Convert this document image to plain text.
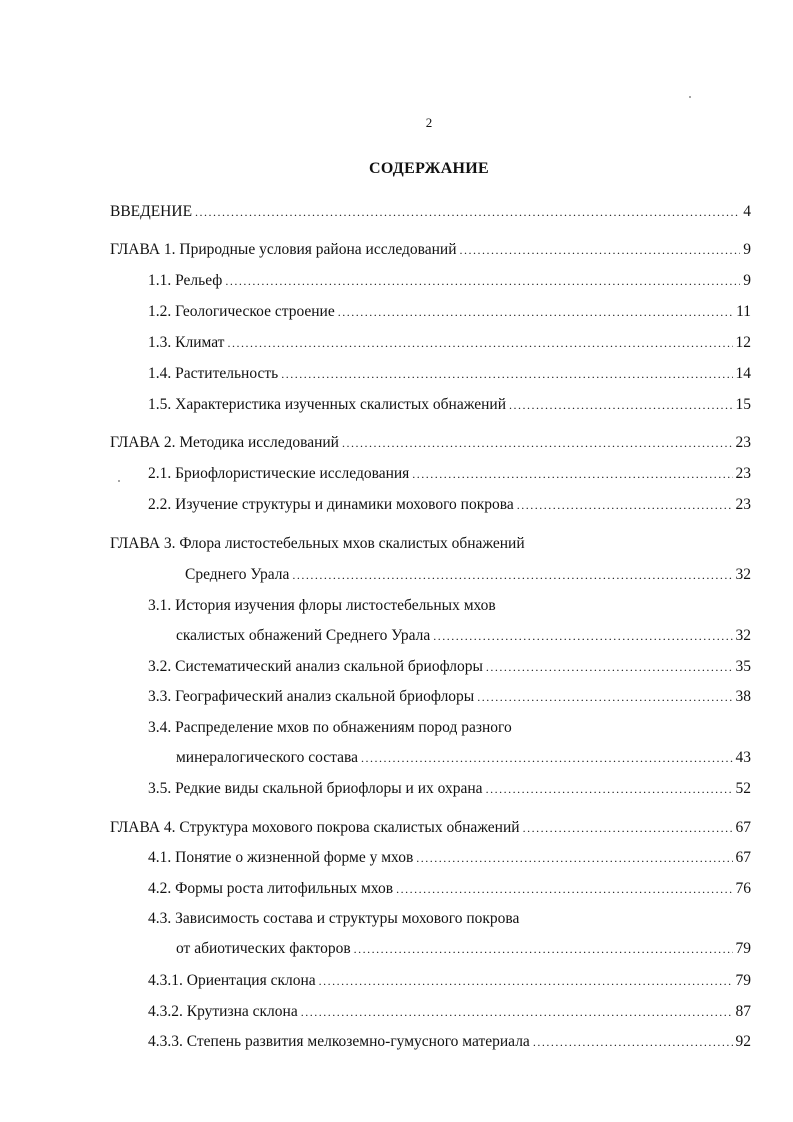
2
СОДЕРЖАНИЕ
ВВЕДЕНИЕ .....	4
ГЛАВА 1. Природные условия района исследований .....	9
1.1. Рельеф .....	9
1.2. Геологическое строение .....	11
1.3. Климат .....	12
1.4. Растительность .....	14
1.5. Характеристика изученных скалистых обнажений .....	15
ГЛАВА 2. Методика исследований .....	23
2.1. Бриофлористические исследования .....	23
2.2. Изучение структуры и динамики мохового покрова .....	23
ГЛАВА 3. Флора листостебельных мхов скалистых обнажений
Среднего Урала .....	32
3.1. История изучения флоры листостебельных мхов
скалистых обнажений Среднего Урала .....	32
3.2. Систематический анализ скальной бриофлоры .....	35
3.3. Географический анализ скальной бриофлоры .....	38
3.4. Распределение мхов по обнажениям пород разного
минералогического состава .....	43
3.5. Редкие виды скальной бриофлоры и их охрана .....	52
ГЛАВА 4. Структура мохового покрова скалистых обнажений .....	67
4.1. Понятие о жизненной форме у мхов .....	67
4.2. Формы роста литофильных мхов .....	76
4.3. Зависимость состава и структуры мохового покрова
от абиотических факторов .....	79
4.3.1. Ориентация склона .....	79
4.3.2. Крутизна склона .....	87
4.3.3. Степень развития мелкоземно-гумусного материала .....	92
